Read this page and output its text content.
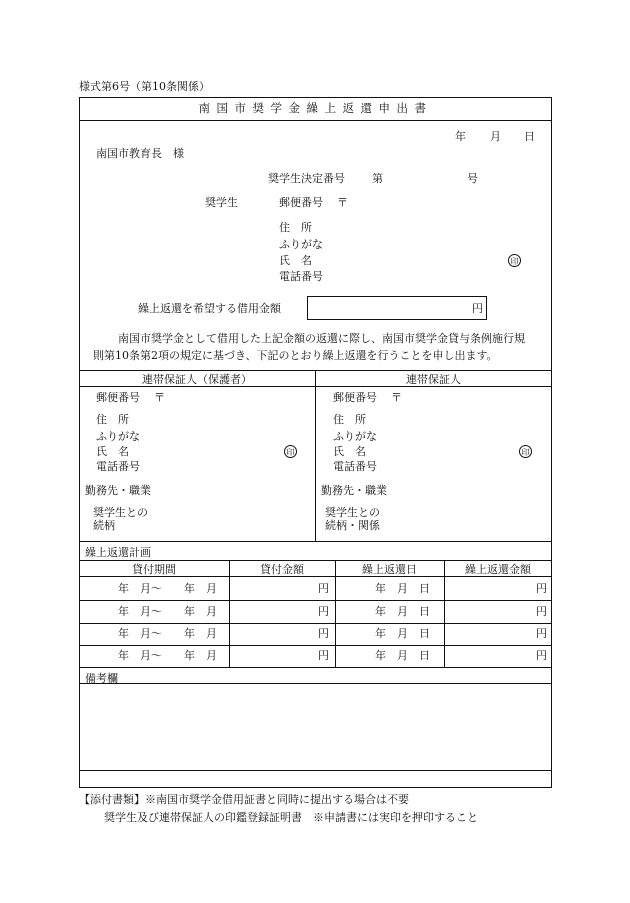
様式第6号（第10条関係）
南国市奨学金繰上返還申出書
年 月 日
南国市教育長　様
奨学生決定番号 第	号
奨学生	郵便番号 〒
住　所
ふりがな
氏　名	印
電話番号
繰上返還を希望する借用金額	円
南国市奨学金として借用した上記金額の返還に際し、南国市奨学金貸与条例施行規
則第10条第2項の規定に基づき、下記のとおり繰上返還を行うことを申し出ます。
連帯保証人（保護者）
郵便番号 〒
住　所
ふりがな
氏　名	印
電話番号
勤務先・職業
奨学生との
続柄
連帯保証人
郵便番号 〒
住　所
ふりがな
氏　名	印
電話番号
勤務先・職業
奨学生との
続柄・関係
繰上返還計画
貸付期間	貸付金額	繰上返還日	繰上返還金額
年　月〜　　年　月	円	年　月　日	円
年　月〜　　年　月	円	年　月　日	円
年　月〜　　年　月	円	年　月　日	円
年　月〜　　年　月	円	年　月　日	円
備考欄
【添付書類】※南国市奨学金借用証書と同時に提出する場合は不要
奨学生及び連帯保証人の印鑑登録証明書　※申請書には実印を押印すること
